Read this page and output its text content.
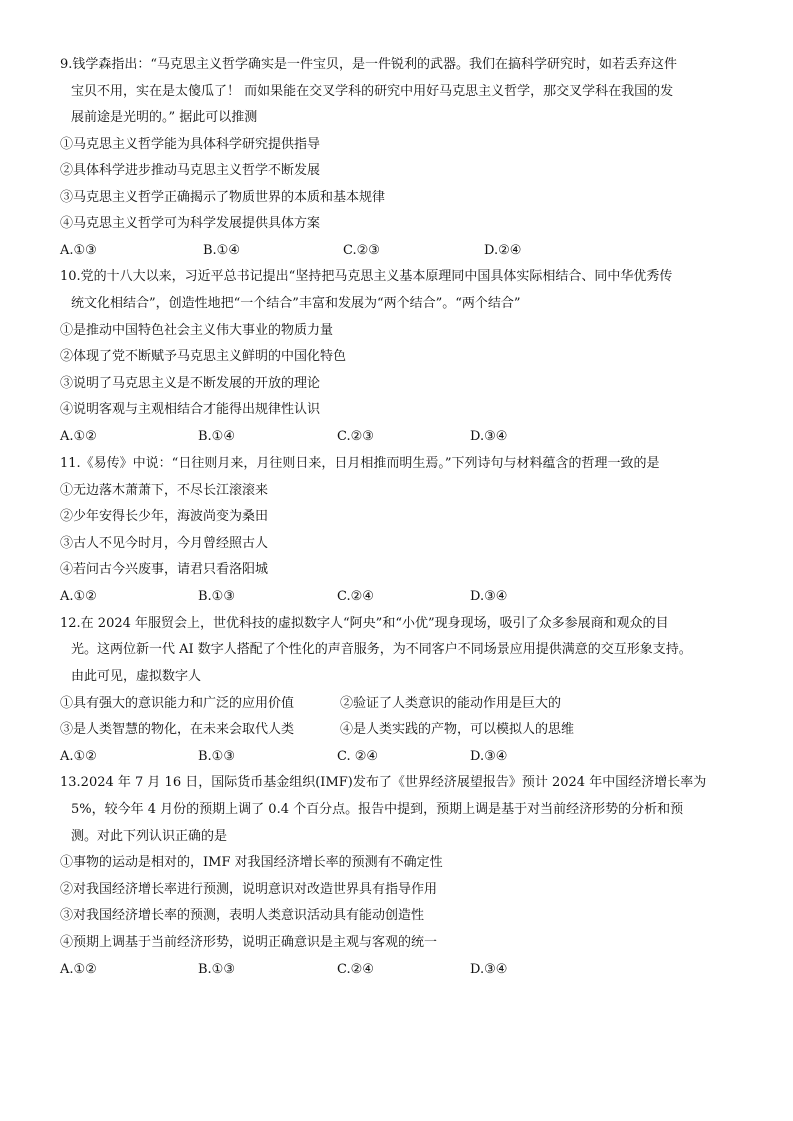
9.钱学森指出：“马克思主义哲学确实是一件宝贝，是一件锐利的武器。我们在搞科学研究时，如若丢弃这件
宝贝不用，实在是太傻瓜了！ 而如果能在交叉学科的研究中用好马克思主义哲学，那交叉学科在我国的发
展前途是光明的。” 据此可以推测
①马克思主义哲学能为具体科学研究提供指导
②具体科学进步推动马克思主义哲学不断发展
③马克思主义哲学正确揭示了物质世界的本质和基本规律
④马克思主义哲学可为科学发展提供具体方案
A.①③	B.①④	C.②③	D.②④
10.党的十八大以来，习近平总书记提出“坚持把马克思主义基本原理同中国具体实际相结合、同中华优秀传
统文化相结合”，创造性地把“一个结合”丰富和发展为“两个结合”。“两个结合”
①是推动中国特色社会主义伟大事业的物质力量
②体现了党不断赋予马克思主义鲜明的中国化特色
③说明了马克思主义是不断发展的开放的理论
④说明客观与主观相结合才能得出规律性认识
A.①②	B.①④	C.②③	D.③④
11.《易传》中说：“日往则月来，月往则日来，日月相推而明生焉。”下列诗句与材料蕴含的哲理一致的是
①无边落木萧萧下，不尽长江滚滚来
②少年安得长少年，海波尚变为桑田
③古人不见今时月，今月曾经照古人
④若问古今兴废事，请君只看洛阳城
A.①②	B.①③	C.②④	D.③④
12.在 2024 年服贸会上，世优科技的虚拟数字人“阿央”和“小优”现身现场，吸引了众多参展商和观众的目
光。这两位新一代 AI 数字人搭配了个性化的声音服务，为不同客户不同场景应用提供满意的交互形象支持。
由此可见，虚拟数字人
①具有强大的意识能力和广泛的应用价值	②验证了人类意识的能动作用是巨大的
③是人类智慧的物化，在未来会取代人类	④是人类实践的产物，可以模拟人的思维
A.①②	B.①③	C. ②④	D.③④
13.2024 年 7 月 16 日，国际货币基金组织(IMF)发布了《世界经济展望报告》预计 2024 年中国经济增长率为
5%，较今年 4 月份的预期上调了 0.4 个百分点。报告中提到，预期上调是基于对当前经济形势的分析和预
测。对此下列认识正确的是
①事物的运动是相对的，IMF 对我国经济增长率的预测有不确定性
②对我国经济增长率进行预测，说明意识对改造世界具有指导作用
③对我国经济增长率的预测，表明人类意识活动具有能动创造性
④预期上调基于当前经济形势，说明正确意识是主观与客观的统一
A.①②	B.①③	C.②④	D.③④
